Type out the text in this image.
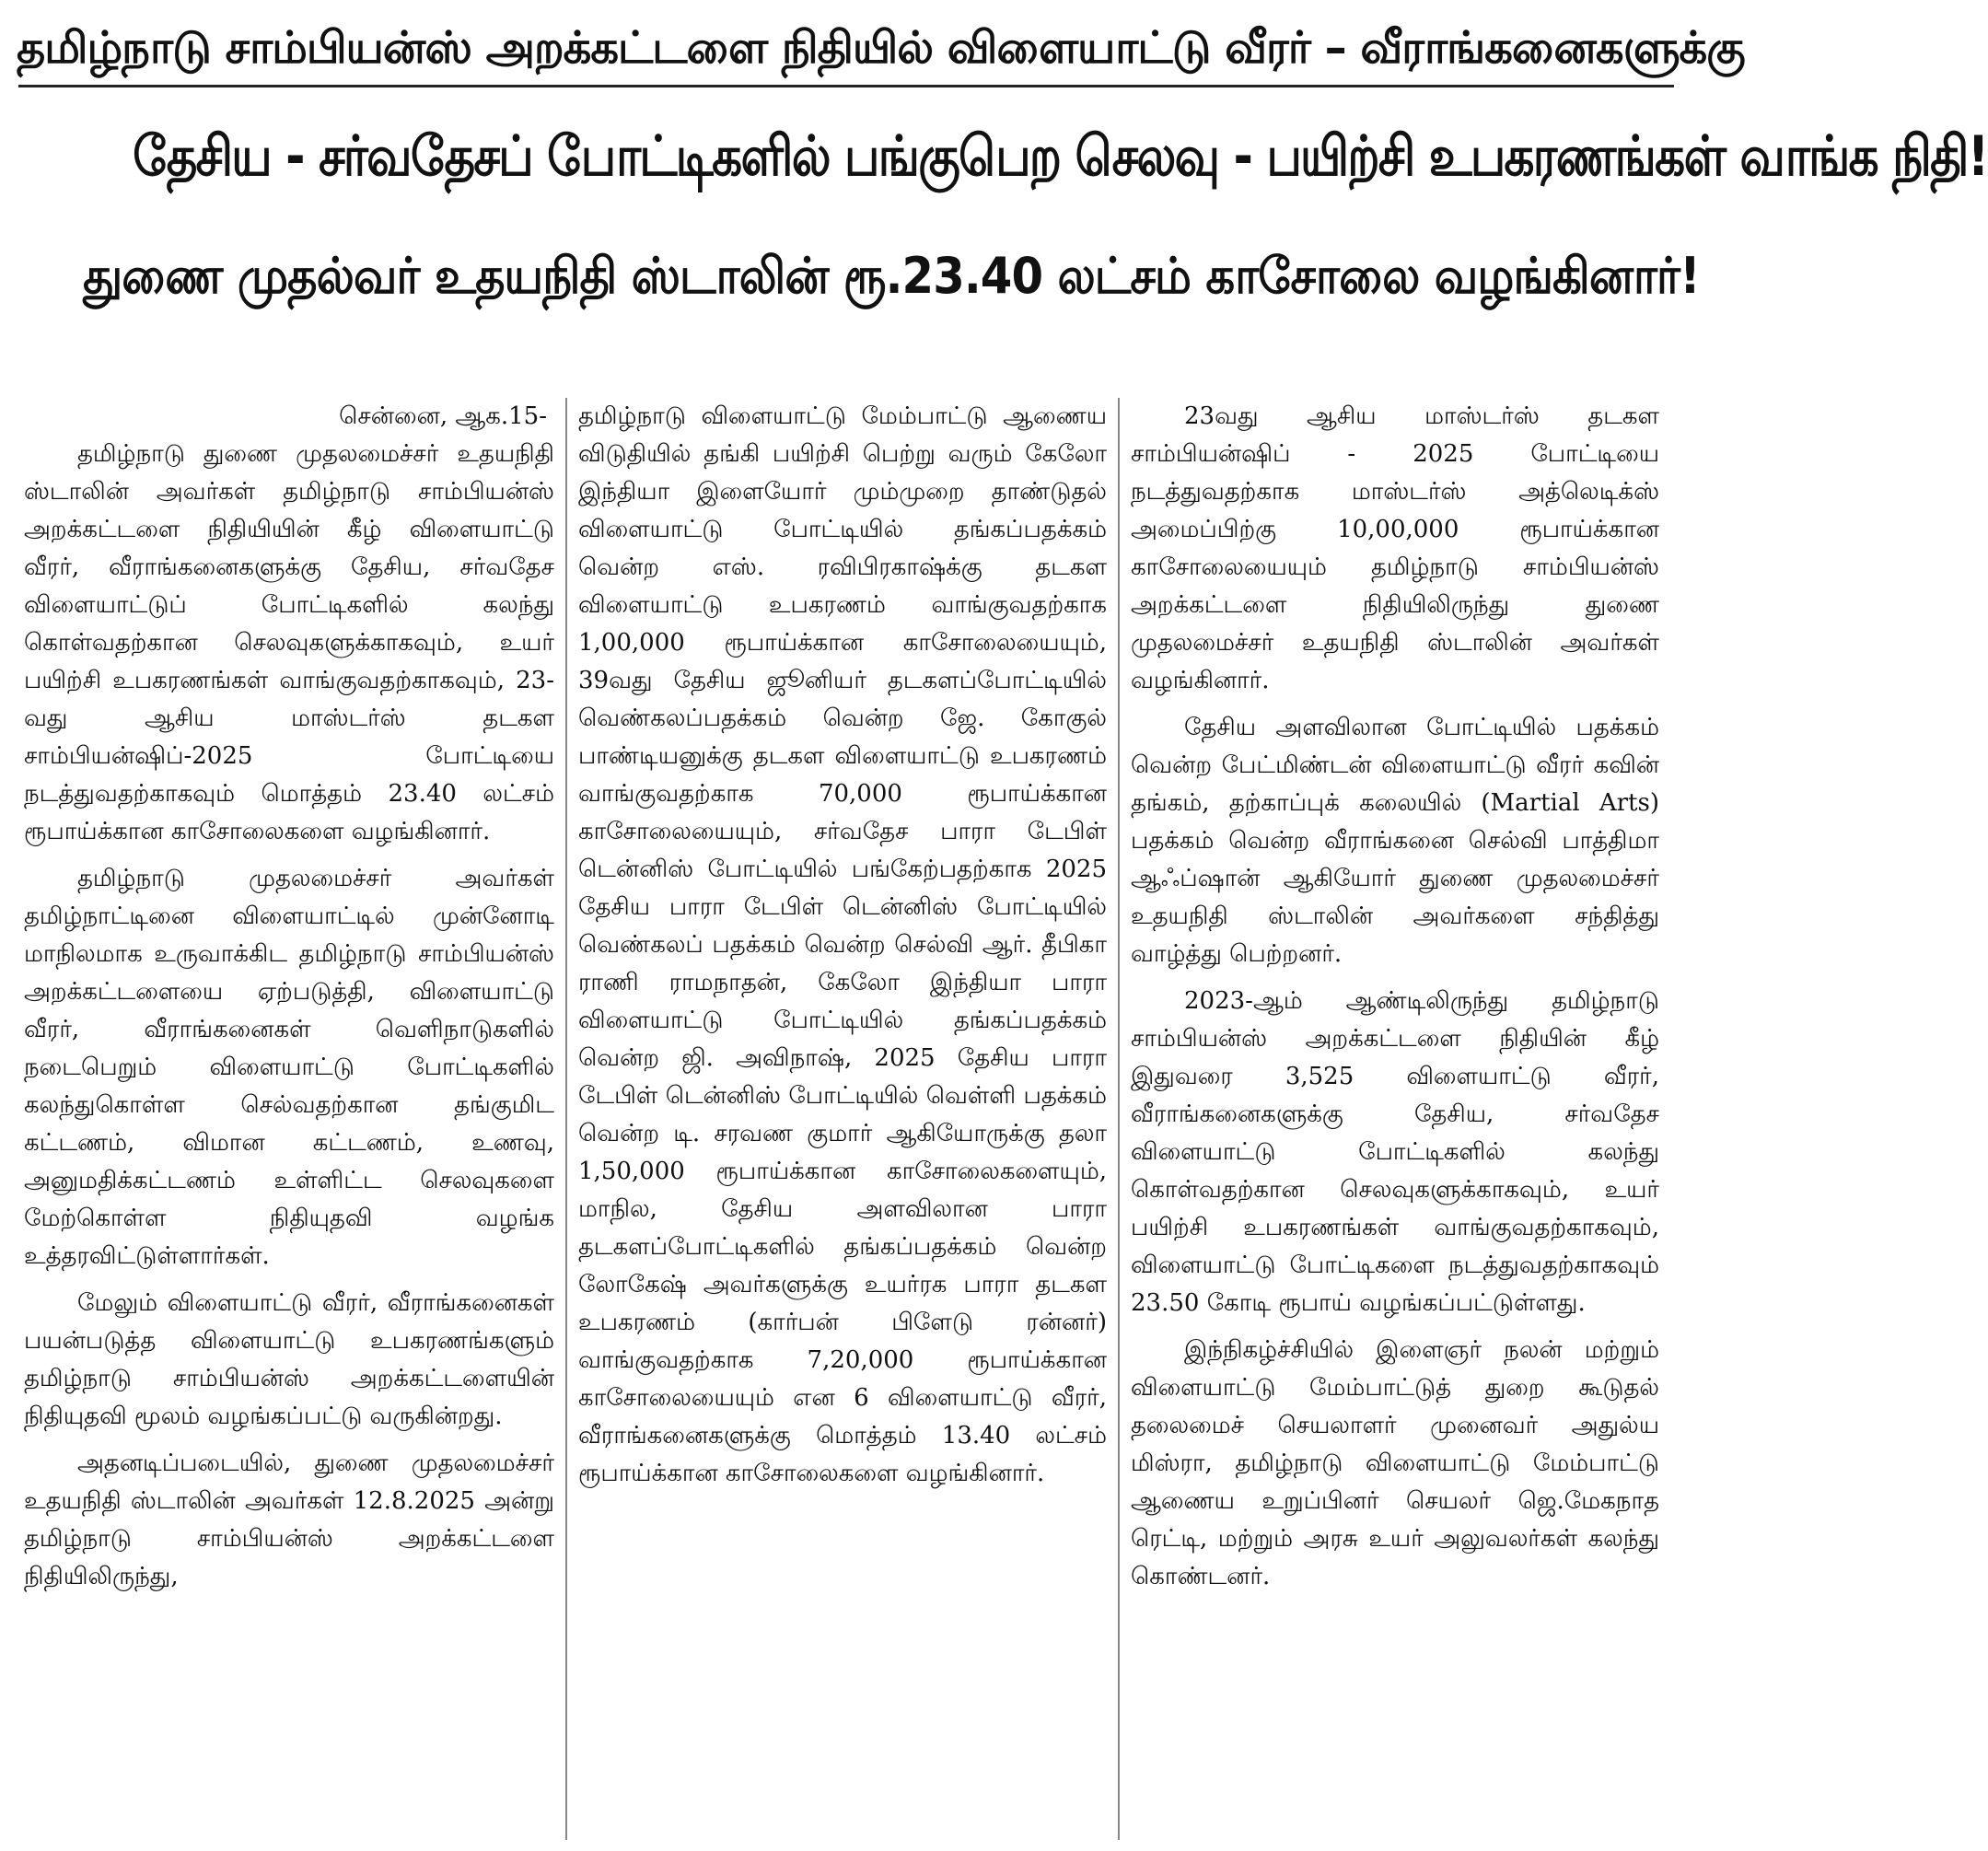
தமிழ்நாடு சாம்பியன்ஸ் அறக்கட்டளை நிதியில் விளையாட்டு வீரர் – வீராங்கனைகளுக்கு
தேசிய - சர்வதேசப் போட்டிகளில் பங்குபெற செலவு - பயிற்சி உபகரணங்கள் வாங்க நிதி!
துணை முதல்வர் உதயநிதி ஸ்டாலின் ரூ.23.40 லட்சம் காசோலை வழங்கினார்!
சென்னை, ஆக.15-

தமிழ்நாடு துணை முதலமைச்சர் உதயநிதி ஸ்டாலின் அவர்கள் தமிழ்நாடு சாம்பியன்ஸ் அறக்கட்டளை நிதியியின் கீழ் விளையாட்டு வீரர், வீராங்கனைகளுக்கு தேசிய, சர்வதேச விளையாட்டுப் போட்டிகளில் கலந்து கொள்வதற்கான செலவுகளுக்காகவும், உயர் பயிற்சி உபகரணங்கள் வாங்குவதற்காகவும், 23-வது ஆசிய மாஸ்டர்ஸ் தடகள சாம்பியன்ஷிப்-2025 போட்டியை நடத்துவதற்காகவும் மொத்தம் 23.40 லட்சம் ரூபாய்க்கான காசோலைகளை வழங்கினார்.

தமிழ்நாடு முதலமைச்சர் அவர்கள் தமிழ்நாட்டினை விளையாட்டில் முன்னோடி மாநிலமாக உருவாக்கிட தமிழ்நாடு சாம்பியன்ஸ் அறக்கட்டளையை ஏற்படுத்தி, விளையாட்டு வீரர், வீராங்கனைகள் வெளிநாடுகளில் நடைபெறும் விளையாட்டு போட்டிகளில் கலந்துகொள்ள செல்வதற்கான தங்குமிட கட்டணம், விமான கட்டணம், உணவு, அனுமதிக்கட்டணம் உள்ளிட்ட செலவுகளை மேற்கொள்ள நிதியுதவி வழங்க உத்தரவிட்டுள்ளார்கள்.

மேலும் விளையாட்டு வீரர், வீராங்கனைகள் பயன்படுத்த விளையாட்டு உபகரணங்களும் தமிழ்நாடு சாம்பியன்ஸ் அறக்கட்டளையின் நிதியுதவி மூலம் வழங்கப்பட்டு வருகின்றது.

அதனடிப்படையில், துணை முதலமைச்சர் உதயநிதி ஸ்டாலின் அவர்கள் 12.8.2025 அன்று தமிழ்நாடு சாம்பியன்ஸ் அறக்கட்டளை நிதியிலிருந்து,

தமிழ்நாடு விளையாட்டு மேம்பாட்டு ஆணைய விடுதியில் தங்கி பயிற்சி பெற்று வரும் கேலோ இந்தியா இளையோர் மும்முறை தாண்டுதல் விளையாட்டு போட்டியில் தங்கப்பதக்கம் வென்ற எஸ். ரவிபிரகாஷ்க்கு தடகள விளையாட்டு உபகரணம் வாங்குவதற்காக 1,00,000 ரூபாய்க்கான காசோலையையும், 39வது தேசிய ஜூனியர் தடகளப்போட்டியில் வெண்கலப்பதக்கம் வென்ற ஜே. கோகுல் பாண்டியனுக்கு தடகள விளையாட்டு உபகரணம் வாங்குவதற்காக 70,000 ரூபாய்க்கான காசோலையையும், சர்வதேச பாரா டேபிள் டென்னிஸ் போட்டியில் பங்கேற்பதற்காக 2025 தேசிய பாரா டேபிள் டென்னிஸ் போட்டியில் வெண்கலப் பதக்கம் வென்ற செல்வி ஆர். தீபிகா ராணி ராமநாதன், கேலோ இந்தியா பாரா விளையாட்டு போட்டியில் தங்கப்பதக்கம் வென்ற ஜி. அவிநாஷ், 2025 தேசிய பாரா டேபிள் டென்னிஸ் போட்டியில் வெள்ளி பதக்கம் வென்ற டி. சரவண குமார் ஆகியோருக்கு தலா 1,50,000 ரூபாய்க்கான காசோலைகளையும், மாநில, தேசிய அளவிலான பாரா தடகளப்போட்டிகளில் தங்கப்பதக்கம் வென்ற லோகேஷ் அவர்களுக்கு உயர்ரக பாரா தடகள உபகரணம் (கார்பன் பிளேடு ரன்னர்) வாங்குவதற்காக 7,20,000 ரூபாய்க்கான காசோலையையும் என 6 விளையாட்டு வீரர், வீராங்கனைகளுக்கு மொத்தம் 13.40 லட்சம் ரூபாய்க்கான காசோலைகளை வழங்கினார்.

23வது ஆசிய மாஸ்டர்ஸ் தடகள சாம்பியன்ஷிப் - 2025 போட்டியை நடத்துவதற்காக மாஸ்டர்ஸ் அத்லெடிக்ஸ் அமைப்பிற்கு 10,00,000 ரூபாய்க்கான காசோலையையும் தமிழ்நாடு சாம்பியன்ஸ் அறக்கட்டளை நிதியிலிருந்து துணை முதலமைச்சர் உதயநிதி ஸ்டாலின் அவர்கள் வழங்கினார்.

தேசிய அளவிலான போட்டியில் பதக்கம் வென்ற பேட்மிண்டன் விளையாட்டு வீரர் கவின் தங்கம், தற்காப்புக் கலையில் (Martial Arts) பதக்கம் வென்ற வீராங்கனை செல்வி பாத்திமா ஆஃப்ஷான் ஆகியோர் துணை முதலமைச்சர் உதயநிதி ஸ்டாலின் அவர்களை சந்தித்து வாழ்த்து பெற்றனர்.

2023-ஆம் ஆண்டிலிருந்து தமிழ்நாடு சாம்பியன்ஸ் அறக்கட்டளை நிதியின் கீழ் இதுவரை 3,525 விளையாட்டு வீரர், வீராங்கனைகளுக்கு தேசிய, சர்வதேச விளையாட்டு போட்டிகளில் கலந்து கொள்வதற்கான செலவுகளுக்காகவும், உயர் பயிற்சி உபகரணங்கள் வாங்குவதற்காகவும், விளையாட்டு போட்டிகளை நடத்துவதற்காகவும் 23.50 கோடி ரூபாய் வழங்கப்பட்டுள்ளது.

இந்நிகழ்ச்சியில் இளைஞர் நலன் மற்றும் விளையாட்டு மேம்பாட்டுத் துறை கூடுதல் தலைமைச் செயலாளர் முனைவர் அதுல்ய மிஸ்ரா, தமிழ்நாடு விளையாட்டு மேம்பாட்டு ஆணைய உறுப்பினர் செயலர் ஜெ.மேகநாத ரெட்டி, மற்றும் அரசு உயர் அலுவலர்கள் கலந்து கொண்டனர்.
